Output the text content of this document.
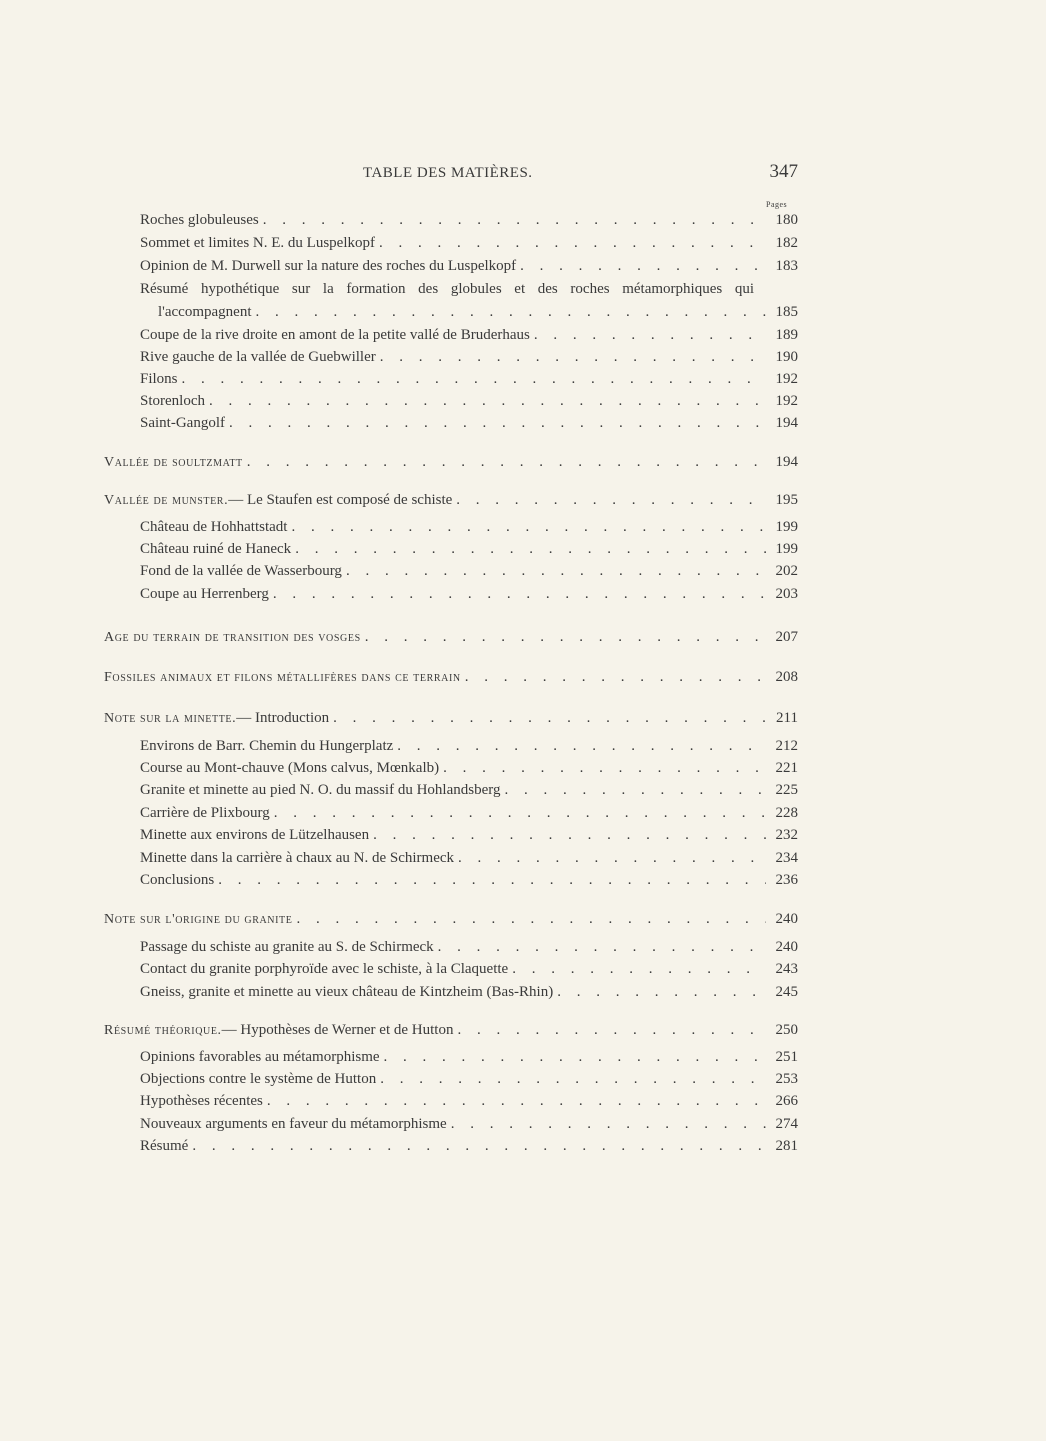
TABLE DES MATIÈRES.	347
Pages
Roches globuleuses . . .	180
Sommet et limites N. E. du Luspelkopf . . .	182
Opinion de M. Durwell sur la nature des roches du Luspelkopf . . .	183
Résumé hypothétique sur la formation des globules et des roches métamorphiques qui
l'accompagnent . . .	185
Coupe de la rive droite en amont de la petite vallé de Bruderhaus . . .	189
Rive gauche de la vallée de Guebwiller . . .	190
Filons . . .	192
Storenloch . . .	192
Saint-Gangolf . . .	194
Vallée de soultzmatt . . .	194
Vallée de munster. — Le Staufen est composé de schiste . . .	195
Château de Hohhattstadt . . .	199
Château ruiné de Haneck . . .	199
Fond de la vallée de Wasserbourg . . .	202
Coupe au Herrenberg . . .	203
Age du terrain de transition des vosges . . .	207
Fossiles animaux et filons métallifères dans ce terrain . . .	208
Note sur la minette. — Introduction . . .	211
Environs de Barr. Chemin du Hungerplatz . . .	212
Course au Mont-chauve (Mons calvus, Mœnkalb) . . .	221
Granite et minette au pied N. O. du massif du Hohlandsberg . . .	225
Carrière de Plixbourg . . .	228
Minette aux environs de Lützelhausen . . .	232
Minette dans la carrière à chaux au N. de Schirmeck . . .	234
Conclusions . . .	236
Note sur l'origine du granite . . .	240
Passage du schiste au granite au S. de Schirmeck . . .	240
Contact du granite porphyroïde avec le schiste, à la Claquette . . .	243
Gneiss, granite et minette au vieux château de Kintzheim (Bas-Rhin) . . .	245
Résumé théorique. — Hypothèses de Werner et de Hutton . . .	250
Opinions favorables au métamorphisme . . .	251
Objections contre le système de Hutton . . .	253
Hypothèses récentes . . .	266
Nouveaux arguments en faveur du métamorphisme . . .	274
Résumé . . .	281
